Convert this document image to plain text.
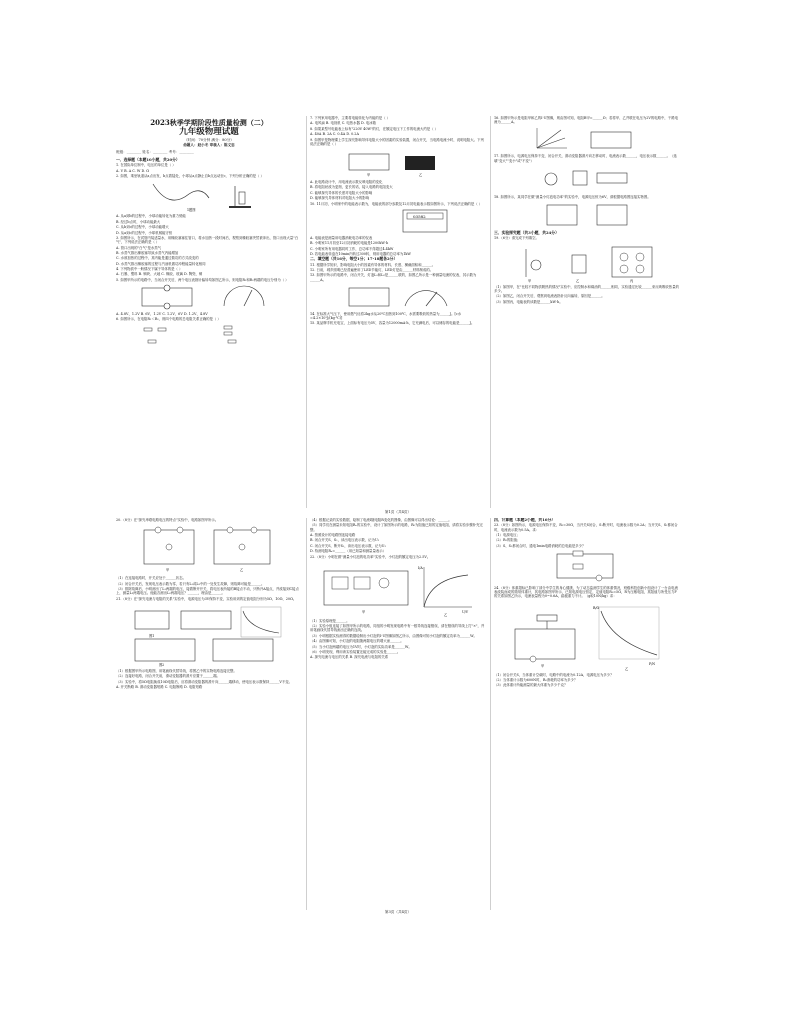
2023秋季学期阶段性质量检测（二）
九年级物理试题
（时间：70分钟 满分：80分）
命题人：赵小冬 审核人：陈义忠
班级：________ 姓名：________ 考号：________

一、选择题（本题10小题，共20分）

1. 在国际单位制中，电压的单位是（ ）

A. V B. A C. W D. Ω

2. 如图，乘坐轨道从a点出发，b点着陆处，小球从a点静止自b点运动至c，下列分析正确的是（ ）

1题图

A. 从a到b的过程中，小球动能转化为重力势能

B. 经过b点时，小球动能最大

C. 从b到c的过程中，小球动能增大

D. 从a到c的过程中，小球机械能守恒

3. 如图所示，在试管内装适量水，用橡胶塞塞住管口，将水加热一段时间后，观察到橡胶塞突然被冲出，管口出现大量"白气"，下列说法正确的是（ ）

A. 管口出现的"白气"是水蒸气

B. 水蒸气推出橡胶塞导致水蒸气内能增加

C. 水被加热的过程中，其内能是通过做功的方式改变的

D. 水蒸气推出橡胶塞的过程与汽油机做功冲程能量转化相同

4. 下列物质中一般情况下属于导体的是（ ）

A. 石墨、塑料 B. 铜块、大地 C. 橡胶、玻璃 D. 陶瓷、铜

5. 如图甲所示的电路中，当闭合开关后，两个电压表指针偏转均如图乙所示，则电阻R₁和R₂两端的电压分别为（ ）

A. 4.8V、1.2V B. 6V、1.2V C. 1.2V、6V D. 1.2V、4.8V

6. 如图所示，在电阻R₁＜R₂，则四个电路的总电阻关系正确的是（ ）

7. 下列家用电器中，主要将电能转化为内能的是（ ）

A. 电风扇 B. 电视机 C. 电热水器 D. 电冰箱

8. 如果某型号电能表上标有"220V 40W"的灯，在额定电压下工作的电流大约是（ ）

A. 40A B. 2A C. 0.4A D. 0.2A

9. 如图甲是物理课上学生探究影响导体电阻大小的因素的实验装置，闭合开关，当电路电流小时，说明电阻大。下列说法正确的是（ ）

甲	乙

A. 此电路设计中，用电流表示数反映电阻的变化

B. 将电阻丝改为更细，更长的话，接入电路的电阻变大

C. 能够探究导体的长度对电阻大小的影响

D. 能够探究导体材料对电阻大小的影响

10. 11月初，小明家中的电能表示数为，电能表的部分参数及12月初电能表示数如图所示，下列说法正确的是（ ）

03582

A. 电能表是测量用电器消耗电功率的仪表

B. 小明家11月初至12月初消耗的电能是1200kW·h

C. 小明家所有用电器同时工作，总功率不得超过4.4kW

D. 若电能表转盘在10min内转过300转，则用电器的总功率为1kW

二、填空题（共16分，每空1分；17-18题各2分）

11. 根据所学知识，影响电阻大小的因素有导体的材料、长度、横截面积和______。

12. 日前，城乡照明已经普遍使用了LED节能灯，LED灯是由______材料制成的。

13. 如图甲所示的电路中，闭合开关，灯泡L₁和L₂是______联的，如图乙所示是一种测量电流的仪表，其示数为______A。

14. 在标准大气压下，使用燃气灶将2kg水从20℃加热到100℃，水需要吸收的热量为______J。[c水=4.2×10³J/(kg·℃)]

15. 某品牌手机充电宝，上面标有电压为5V，容量为12000mA·h，它充满电后，可以储存的电能是______J。

16. 如图甲所示是电阻甲和乙的I-U图像，则由图可知，电阻R甲=______Ω；若将甲、乙并联在电压为2V的电路中，干路电流为______A。

17. 如图所示，电源电压保持不变，闭合开关，滑动变阻器滑片向左移动时，电流表示数______，电压表示数______。（选填"变大""变小"或"不变"）

18. 如图所示，某同学在做"测量小灯泡电功率"的实验中，电源电压恒为6V，请根据电路图连接实物图。

三、实验探究题（共3小题，共24分）

19.（6分）请完成下列填空。

甲	乙	丙

（1）如图甲，在"比较不同物质吸热的情况"实验中，应控制水和煤油的______相同，实验通过比较______来反映吸收热量的多少。

（2）如图乙，闭合开关后，观察到电流表指针反向偏转，原因是______。

（3）如图丙，电能表的读数是______kW·h。

第1页（共4页）

20.（8分）在"探究串联电路电压的特点"实验中，电路如图甲所示。

甲	乙

（1）在连接电路时，开关应处于______状态。

（2）闭合开关后，发现电压表示数为零，若只有L₁或L₂中的一处发生故障，则故障可能是______。

（3）排除故障后，小明测出了L₁两端的电压，接着断开开关，将电压表所接的B接点不动，只断开A接点，并改接到C接点上，测量L₂两端电压。他能否测出L₂两端电压？______，理由是______。

21.（8分）在"探究电流与电阻的关系"实验中，电源电压为3V保持不变，实验用到的定值电阻分别为5Ω、10Ω、20Ω。

图1
图2

（1）根据图甲所示电路图，用笔画线代替导线，将图乙中的实物电路连接完整。

（2）连接好电路，闭合开关前，滑动变阻器的滑片应置于______端。

（3）实验中，将5Ω电阻换成10Ω电阻后，应将滑动变阻器的滑片向______端移动，使电压表示数保持______V不变。

A. 开关断路 B. 滑动变阻器短路 C. 电阻断路 D. 电阻短路

（4）根据记录的实验数据，绘制了电流I随电阻R变化的图像，由图像可以得出结论：______。

（5）同学们在测量未知电阻Rₓ的实验中，设计了如图所示的电路，R₀为阻值已知的定值电阻，请将实验步骤补充完整。

A. 按照设计的电路图连接电路

B. 闭合开关S、S₁，读出电压表示数，记为U₁

C. 闭合开关S，断开S₁，读出电压表示数，记为U₂

D. 待测电阻Rₓ=______（用已知量和测量量表示）

22.（8分）小明在做"测量小灯泡的电功率"实验中，小灯泡的额定电压为2.5V。

I/A
U/V
甲
乙

（1）实验原理是______。

（2）实验小组连接了如图甲所示的电路，同组的小明发现电路中有一根导线连接错误，请在错误的导线上打"×"，并用笔画线代替导线画出正确的连线。

（3）小明根据实验测得的数据绘制出小灯泡的I-U图像如图乙所示，由图像可知小灯泡的额定功率为______W。

（4）由图像可知，小灯泡的电阻随两端电压的增大而______。

（5）当小灯泡两端的电压为1V时，小灯泡的实际功率是______W。

（6）小明发现，利用该实验装置还能完成的实验是______。

A. 探究电流与电压的关系 B. 探究电流与电阻的关系

四、计算题（本题2小题，共16分）

23.（8分）如图所示，电源电压保持不变，R₁=30Ω，当开关S闭合，S₁断开时，电流表示数为0.2A；当开关S、S₁都闭合时，电流表示数为0.5A。求：

（1）电源电压；

（2）R₂的阻值；

（3）S、S₁都闭合时，通电1min电路消耗的总电能是多少？

24.（8分）体重超标已影响了部分中学生的身心健康，为了动态监测学生的体重情况，班级科技创新小组设计了一台由电流表改装而成的简易体重计，其电路如图甲所示，已知电源电压恒定，定值电阻R₀=5Ω，R为压敏电阻，其阻值与所受压力F的关系如图乙所示，电流表量程为0~0.6A，踏板重力不计。（g取10N/kg）求：

R/Ω
F/N
甲
乙

（1）闭合开关S，当体重计空载时，电路中的电流为0.12A，电源电压为多少？

（2）当体重计示数为600N时，R₀消耗的功率为多少？

（3）此体重计所能测量的最大体重为多少千克？

第3页（共4页）
